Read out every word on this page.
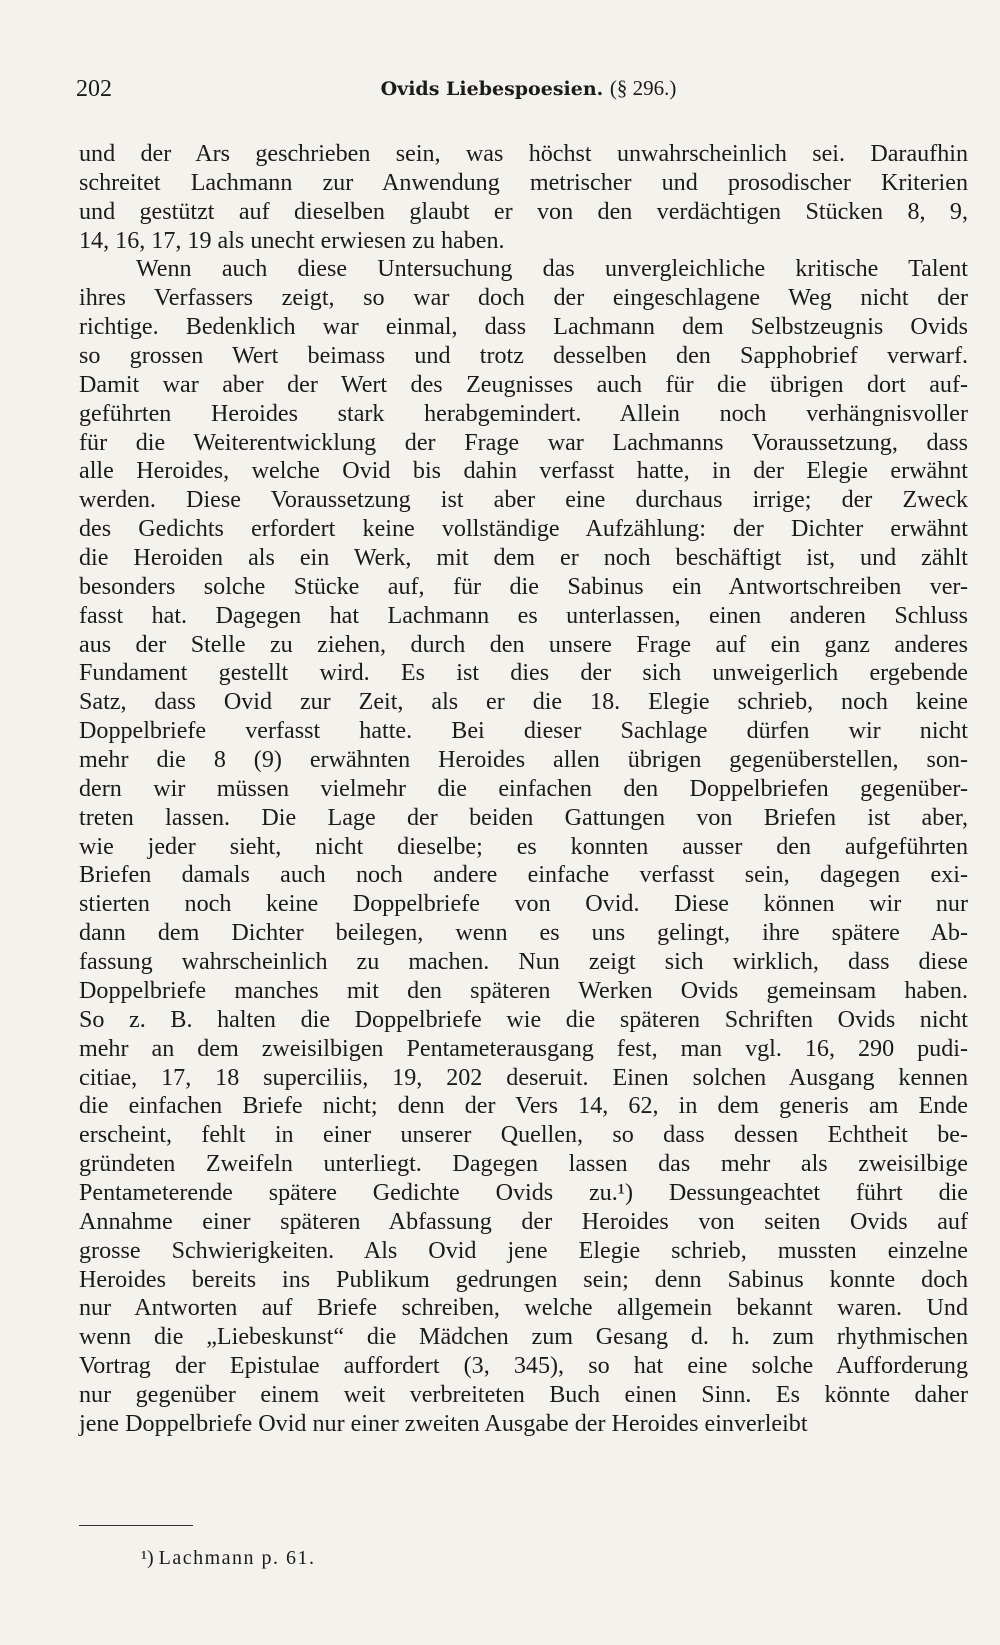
202	Ovids Liebespoesien. (§ 296.)
und der Ars geschrieben sein, was höchst unwahrscheinlich sei. Daraufhin
schreitet Lachmann zur Anwendung metrischer und prosodischer Kriterien
und gestützt auf dieselben glaubt er von den verdächtigen Stücken 8, 9,
14, 16, 17, 19 als unecht erwiesen zu haben.
Wenn auch diese Untersuchung das unvergleichliche kritische Talent
ihres Verfassers zeigt, so war doch der eingeschlagene Weg nicht der
richtige. Bedenklich war einmal, dass Lachmann dem Selbstzeugnis Ovids
so grossen Wert beimass und trotz desselben den Sapphobrief verwarf.
Damit war aber der Wert des Zeugnisses auch für die übrigen dort auf-
geführten Heroides stark herabgemindert. Allein noch verhängnisvoller
für die Weiterentwicklung der Frage war Lachmanns Voraussetzung, dass
alle Heroides, welche Ovid bis dahin verfasst hatte, in der Elegie erwähnt
werden. Diese Voraussetzung ist aber eine durchaus irrige; der Zweck
des Gedichts erfordert keine vollständige Aufzählung: der Dichter erwähnt
die Heroiden als ein Werk, mit dem er noch beschäftigt ist, und zählt
besonders solche Stücke auf, für die Sabinus ein Antwortschreiben ver-
fasst hat. Dagegen hat Lachmann es unterlassen, einen anderen Schluss
aus der Stelle zu ziehen, durch den unsere Frage auf ein ganz anderes
Fundament gestellt wird. Es ist dies der sich unweigerlich ergebende
Satz, dass Ovid zur Zeit, als er die 18. Elegie schrieb, noch keine
Doppelbriefe verfasst hatte. Bei dieser Sachlage dürfen wir nicht
mehr die 8 (9) erwähnten Heroides allen übrigen gegenüberstellen, son-
dern wir müssen vielmehr die einfachen den Doppelbriefen gegenüber-
treten lassen. Die Lage der beiden Gattungen von Briefen ist aber,
wie jeder sieht, nicht dieselbe; es konnten ausser den aufgeführten
Briefen damals auch noch andere einfache verfasst sein, dagegen exi-
stierten noch keine Doppelbriefe von Ovid. Diese können wir nur
dann dem Dichter beilegen, wenn es uns gelingt, ihre spätere Ab-
fassung wahrscheinlich zu machen. Nun zeigt sich wirklich, dass diese
Doppelbriefe manches mit den späteren Werken Ovids gemeinsam haben.
So z. B. halten die Doppelbriefe wie die späteren Schriften Ovids nicht
mehr an dem zweisilbigen Pentameterausgang fest, man vgl. 16, 290 pudi-
citiae, 17, 18 superciliis, 19, 202 deseruit. Einen solchen Ausgang kennen
die einfachen Briefe nicht; denn der Vers 14, 62, in dem generis am Ende
erscheint, fehlt in einer unserer Quellen, so dass dessen Echtheit be-
gründeten Zweifeln unterliegt. Dagegen lassen das mehr als zweisilbige
Pentameterende spätere Gedichte Ovids zu.¹) Dessungeachtet führt die
Annahme einer späteren Abfassung der Heroides von seiten Ovids auf
grosse Schwierigkeiten. Als Ovid jene Elegie schrieb, mussten einzelne
Heroides bereits ins Publikum gedrungen sein; denn Sabinus konnte doch
nur Antworten auf Briefe schreiben, welche allgemein bekannt waren. Und
wenn die „Liebeskunst“ die Mädchen zum Gesang d. h. zum rhythmischen
Vortrag der Epistulae auffordert (3, 345), so hat eine solche Aufforderung
nur gegenüber einem weit verbreiteten Buch einen Sinn. Es könnte daher
jene Doppelbriefe Ovid nur einer zweiten Ausgabe der Heroides einverleibt
¹) Lachmann p. 61.
